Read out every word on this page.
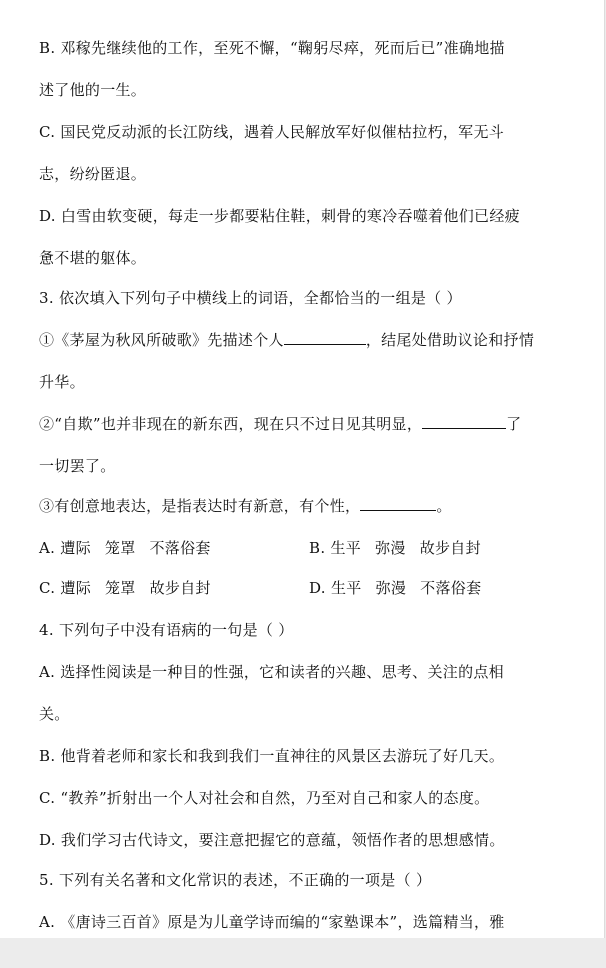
B. 邓稼先继续他的工作，至死不懈，“鞠躬尽瘁，死而后已”准确地描
述了他的一生。
C. 国民党反动派的长江防线，遇着人民解放军好似催枯拉朽，军无斗
志，纷纷匿退。
D. 白雪由软变硬，每走一步都要粘住鞋，刺骨的寒冷吞噬着他们已经疲
惫不堪的躯体。
3. 依次填入下列句子中横线上的词语，全都恰当的一组是（ ）
①《茅屋为秋风所破歌》先描述个人	，结尾处借助议论和抒情
升华。
②“自欺”也并非现在的新东西，现在只不过日见其明显，	了
一切罢了。
③有创意地表达，是指表达时有新意，有个性，	。
A. 遭际 笼罩 不落俗套	B. 生平 弥漫 故步自封
C. 遭际 笼罩 故步自封	D. 生平 弥漫 不落俗套
4. 下列句子中没有语病的一句是（ ）
A. 选择性阅读是一种目的性强，它和读者的兴趣、思考、关注的点相
关。
B. 他背着老师和家长和我到我们一直神往的风景区去游玩了好几天。
C. “教养”折射出一个人对社会和自然，乃至对自己和家人的态度。
D. 我们学习古代诗文，要注意把握它的意蕴，领悟作者的思想感情。
5. 下列有关名著和文化常识的表述，不正确的一项是（ ）
A. 《唐诗三百首》原是为儿童学诗而编的“家塾课本”，选篇精当，雅
